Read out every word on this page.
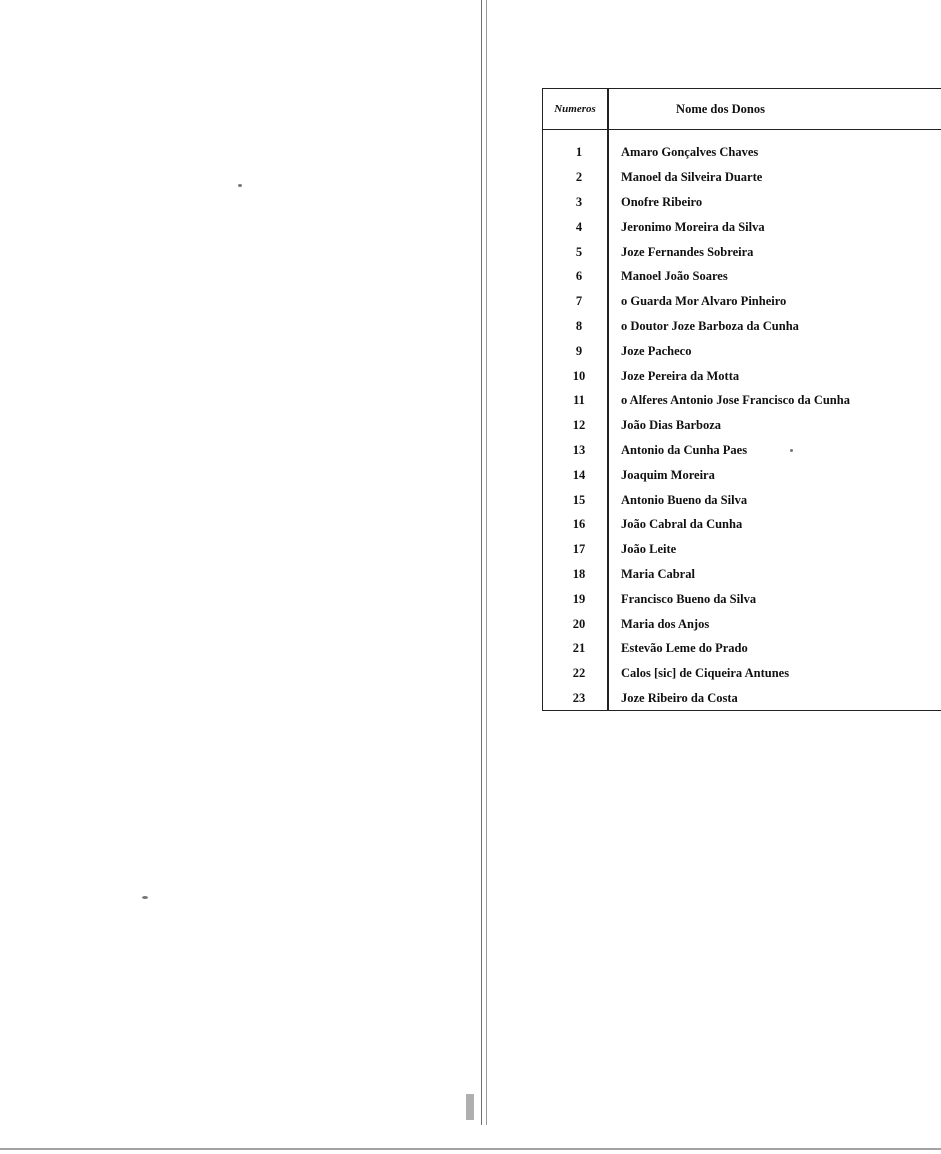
Numeros	Nome dos Donos

1	Amaro Gonçalves Chaves
2	Manoel da Silveira Duarte
3	Onofre Ribeiro
4	Jeronimo Moreira da Silva
5	Joze Fernandes Sobreira
6	Manoel João Soares
7	o Guarda Mor Alvaro Pinheiro
8	o Doutor Joze Barboza da Cunha
9	Joze Pacheco
10	Joze Pereira da Motta
11	o Alferes Antonio Jose Francisco da Cunha
12	João Dias Barboza
13	Antonio da Cunha Paes
14	Joaquim Moreira
15	Antonio Bueno da Silva
16	João Cabral da Cunha
17	João Leite
18	Maria Cabral
19	Francisco Bueno da Silva
20	Maria dos Anjos
21	Estevão Leme do Prado
22	Calos [sic] de Ciqueira Antunes
23	Joze Ribeiro da Costa
